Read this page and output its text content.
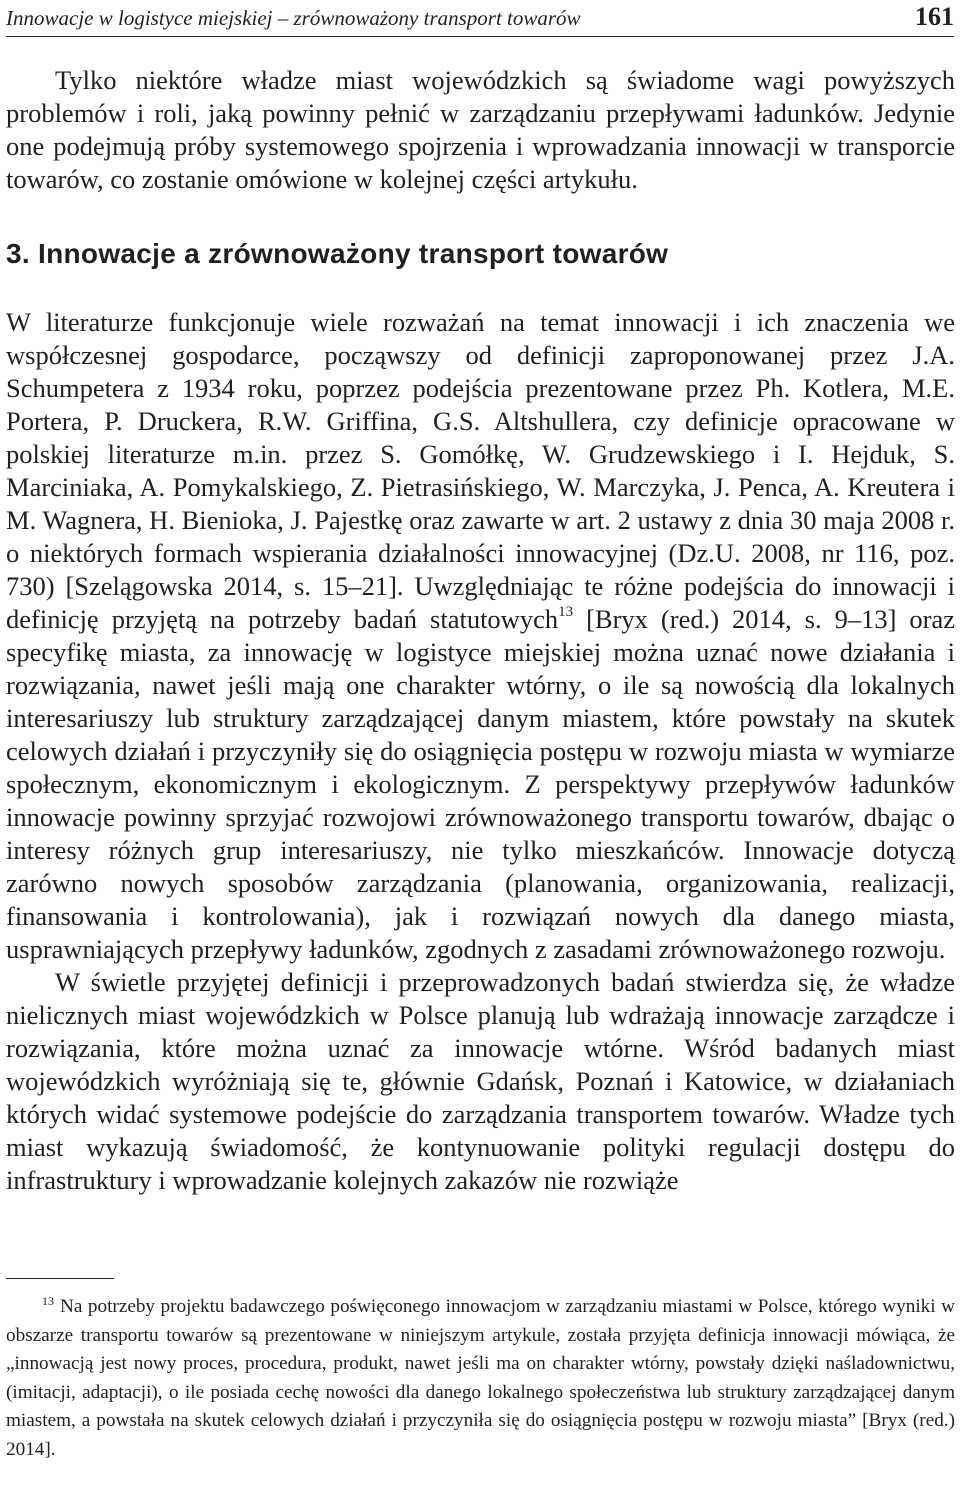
Innowacje w logistyce miejskiej – zrównoważony transport towarów	161

Tylko niektóre władze miast wojewódzkich są świadome wagi powyższych problemów i roli, jaką powinny pełnić w zarządzaniu przepływami ładunków. Jedynie one podejmują próby systemowego spojrzenia i wprowadzania innowacji w transporcie towarów, co zostanie omówione w kolejnej części artykułu.

3. Innowacje a zrównoważony transport towarów

W literaturze funkcjonuje wiele rozważań na temat innowacji i ich znaczenia we współczesnej gospodarce, począwszy od definicji zaproponowanej przez J.A. Schumpetera z 1934 roku, poprzez podejścia prezentowane przez Ph. Kotlera, M.E. Portera, P. Druckera, R.W. Griffina, G.S. Altshullera, czy definicje opracowane w polskiej literaturze m.in. przez S. Gomółkę, W. Grudzewskiego i I. Hejduk, S. Marciniaka, A. Pomykalskiego, Z. Pietrasińskiego, W. Marczyka, J. Penca, A. Kreutera i M. Wagnera, H. Bienioka, J. Pajestkę oraz zawarte w art. 2 ustawy z dnia 30 maja 2008 r. o niektórych formach wspierania działalności innowacyjnej (Dz.U. 2008, nr 116, poz. 730) [Szelągowska 2014, s. 15–21]. Uwzględniając te różne podejścia do innowacji i definicję przyjętą na potrzeby badań statutowych$^{13}$ [Bryx (red.) 2014, s. 9–13] oraz specyfikę miasta, za innowację w logistyce miejskiej można uznać nowe działania i rozwiązania, nawet jeśli mają one charakter wtórny, o ile są nowością dla lokalnych interesariuszy lub struktury zarządzającej danym miastem, które powstały na skutek celowych działań i przyczyniły się do osiągnięcia postępu w rozwoju miasta w wymiarze społecznym, ekonomicznym i ekologicznym. Z perspektywy przepływów ładunków innowacje powinny sprzyjać rozwojowi zrównoważonego transportu towarów, dbając o interesy różnych grup interesariuszy, nie tylko mieszkańców. Innowacje dotyczą zarówno nowych sposobów zarządzania (planowania, organizowania, realizacji, finansowania i kontrolowania), jak i rozwiązań nowych dla danego miasta, usprawniających przepływy ładunków, zgodnych z zasadami zrównoważonego rozwoju.

W świetle przyjętej definicji i przeprowadzonych badań stwierdza się, że władze nielicznych miast wojewódzkich w Polsce planują lub wdrażają innowacje zarządcze i rozwiązania, które można uznać za innowacje wtórne. Wśród badanych miast wojewódzkich wyróżniają się te, głównie Gdańsk, Poznań i Katowice, w działaniach których widać systemowe podejście do zarządzania transportem towarów. Władze tych miast wykazują świadomość, że kontynuowanie polityki regulacji dostępu do infrastruktury i wprowadzanie kolejnych zakazów nie rozwiąże

$^{13}$ Na potrzeby projektu badawczego poświęconego innowacjom w zarządzaniu miastami w Polsce, którego wyniki w obszarze transportu towarów są prezentowane w niniejszym artykule, została przyjęta definicja innowacji mówiąca, że „innowacją jest nowy proces, procedura, produkt, nawet jeśli ma on charakter wtórny, powstały dzięki naśladownictwu, (imitacji, adaptacji), o ile posiada cechę nowości dla danego lokalnego społeczeństwa lub struktury zarządzającej danym miastem, a powstała na skutek celowych działań i przyczyniła się do osiągnięcia postępu w rozwoju miasta” [Bryx (red.) 2014].
